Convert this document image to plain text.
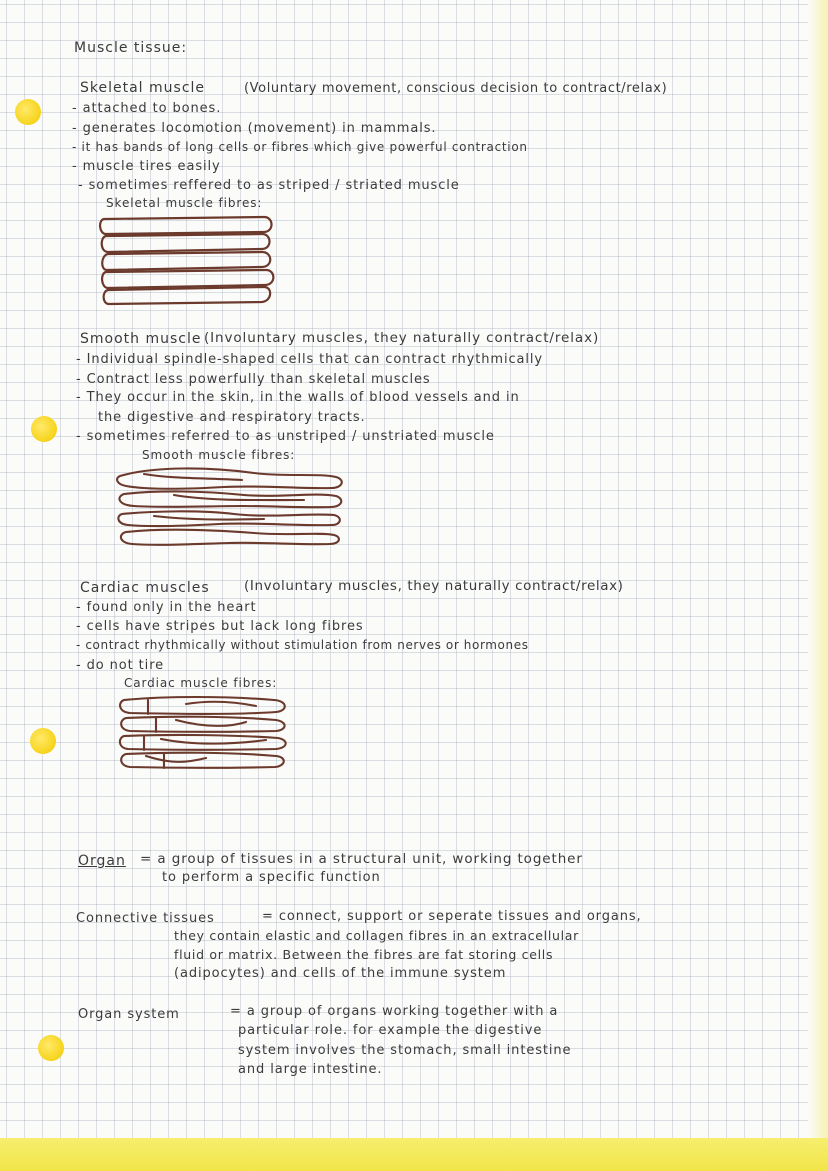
Muscle tissue:
Skeletal muscle	(Voluntary movement, conscious decision to contract/relax)
- attached to bones.
- generates locomotion (movement) in mammals.
- it has bands of long cells or fibres which give powerful contraction
- muscle tires easily
- sometimes reffered to as striped / striated muscle
Skeletal muscle fibres:
Smooth muscle (Involuntary muscles, they naturally contract/relax)
- Individual spindle-shaped cells that can contract rhythmically
- Contract less powerfully than skeletal muscles
- They occur in the skin, in the walls of blood vessels and in
the digestive and respiratory tracts.
- sometimes referred to as unstriped / unstriated muscle
Smooth muscle fibres:
Cardiac muscles	(Involuntary muscles, they naturally contract/relax)
- found only in the heart
- cells have stripes but lack long fibres
- contract rhythmically without stimulation from nerves or hormones
- do not tire
Cardiac muscle fibres:
Organ = a group of tissues in a structural unit, working together
to perform a specific function
Connective tissues	= connect, support or seperate tissues and organs,
they contain elastic and collagen fibres in an extracellular
fluid or matrix. Between the fibres are fat storing cells
(adipocytes) and cells of the immune system
Organ system	= a group of organs working together with a
particular role. for example the digestive
system involves the stomach, small intestine
and large intestine.
